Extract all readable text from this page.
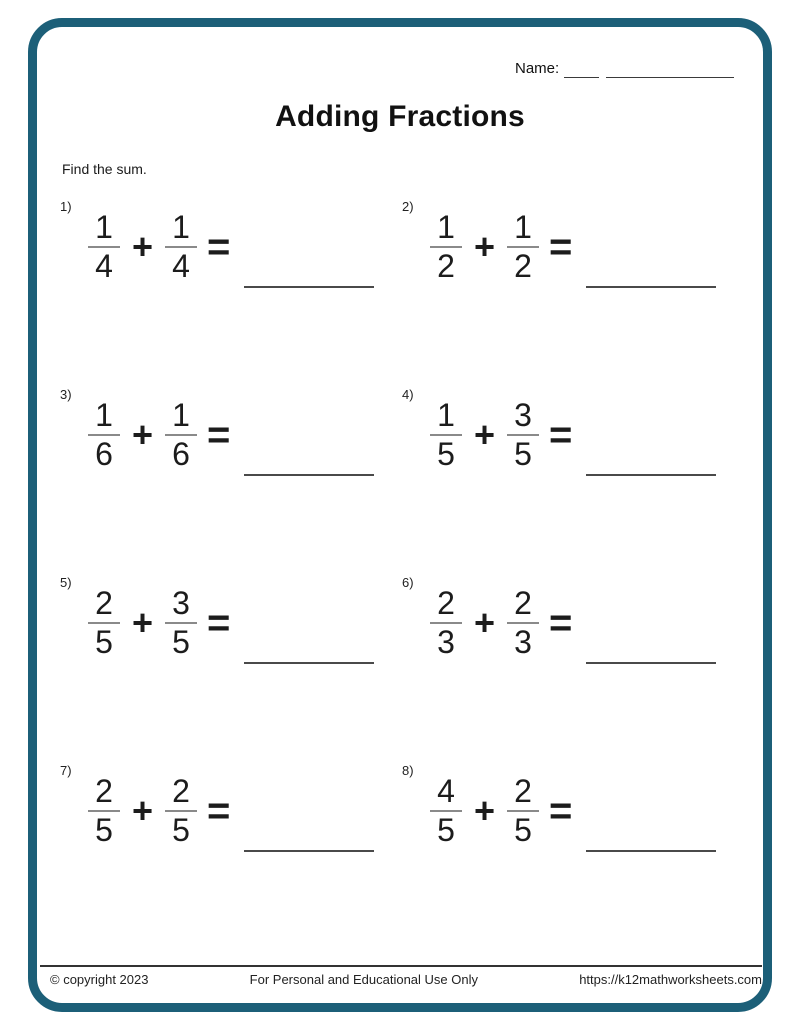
Name:
Adding Fractions
Find the sum.
1)
$\frac{1}{4} + \frac{1}{4}$ =
2)
$\frac{1}{2} + \frac{1}{2}$ =
3)
$\frac{1}{6} + \frac{1}{6}$ =
4)
$\frac{1}{5} + \frac{3}{5}$ =
5)
$\frac{2}{5} + \frac{3}{5}$ =
6)
$\frac{2}{3} + \frac{2}{3}$ =
7)
$\frac{2}{5} + \frac{2}{5}$ =
8)
$\frac{4}{5} + \frac{2}{5}$ =
© copyright 2023	For Personal and Educational Use Only	https://k12mathworksheets.com
